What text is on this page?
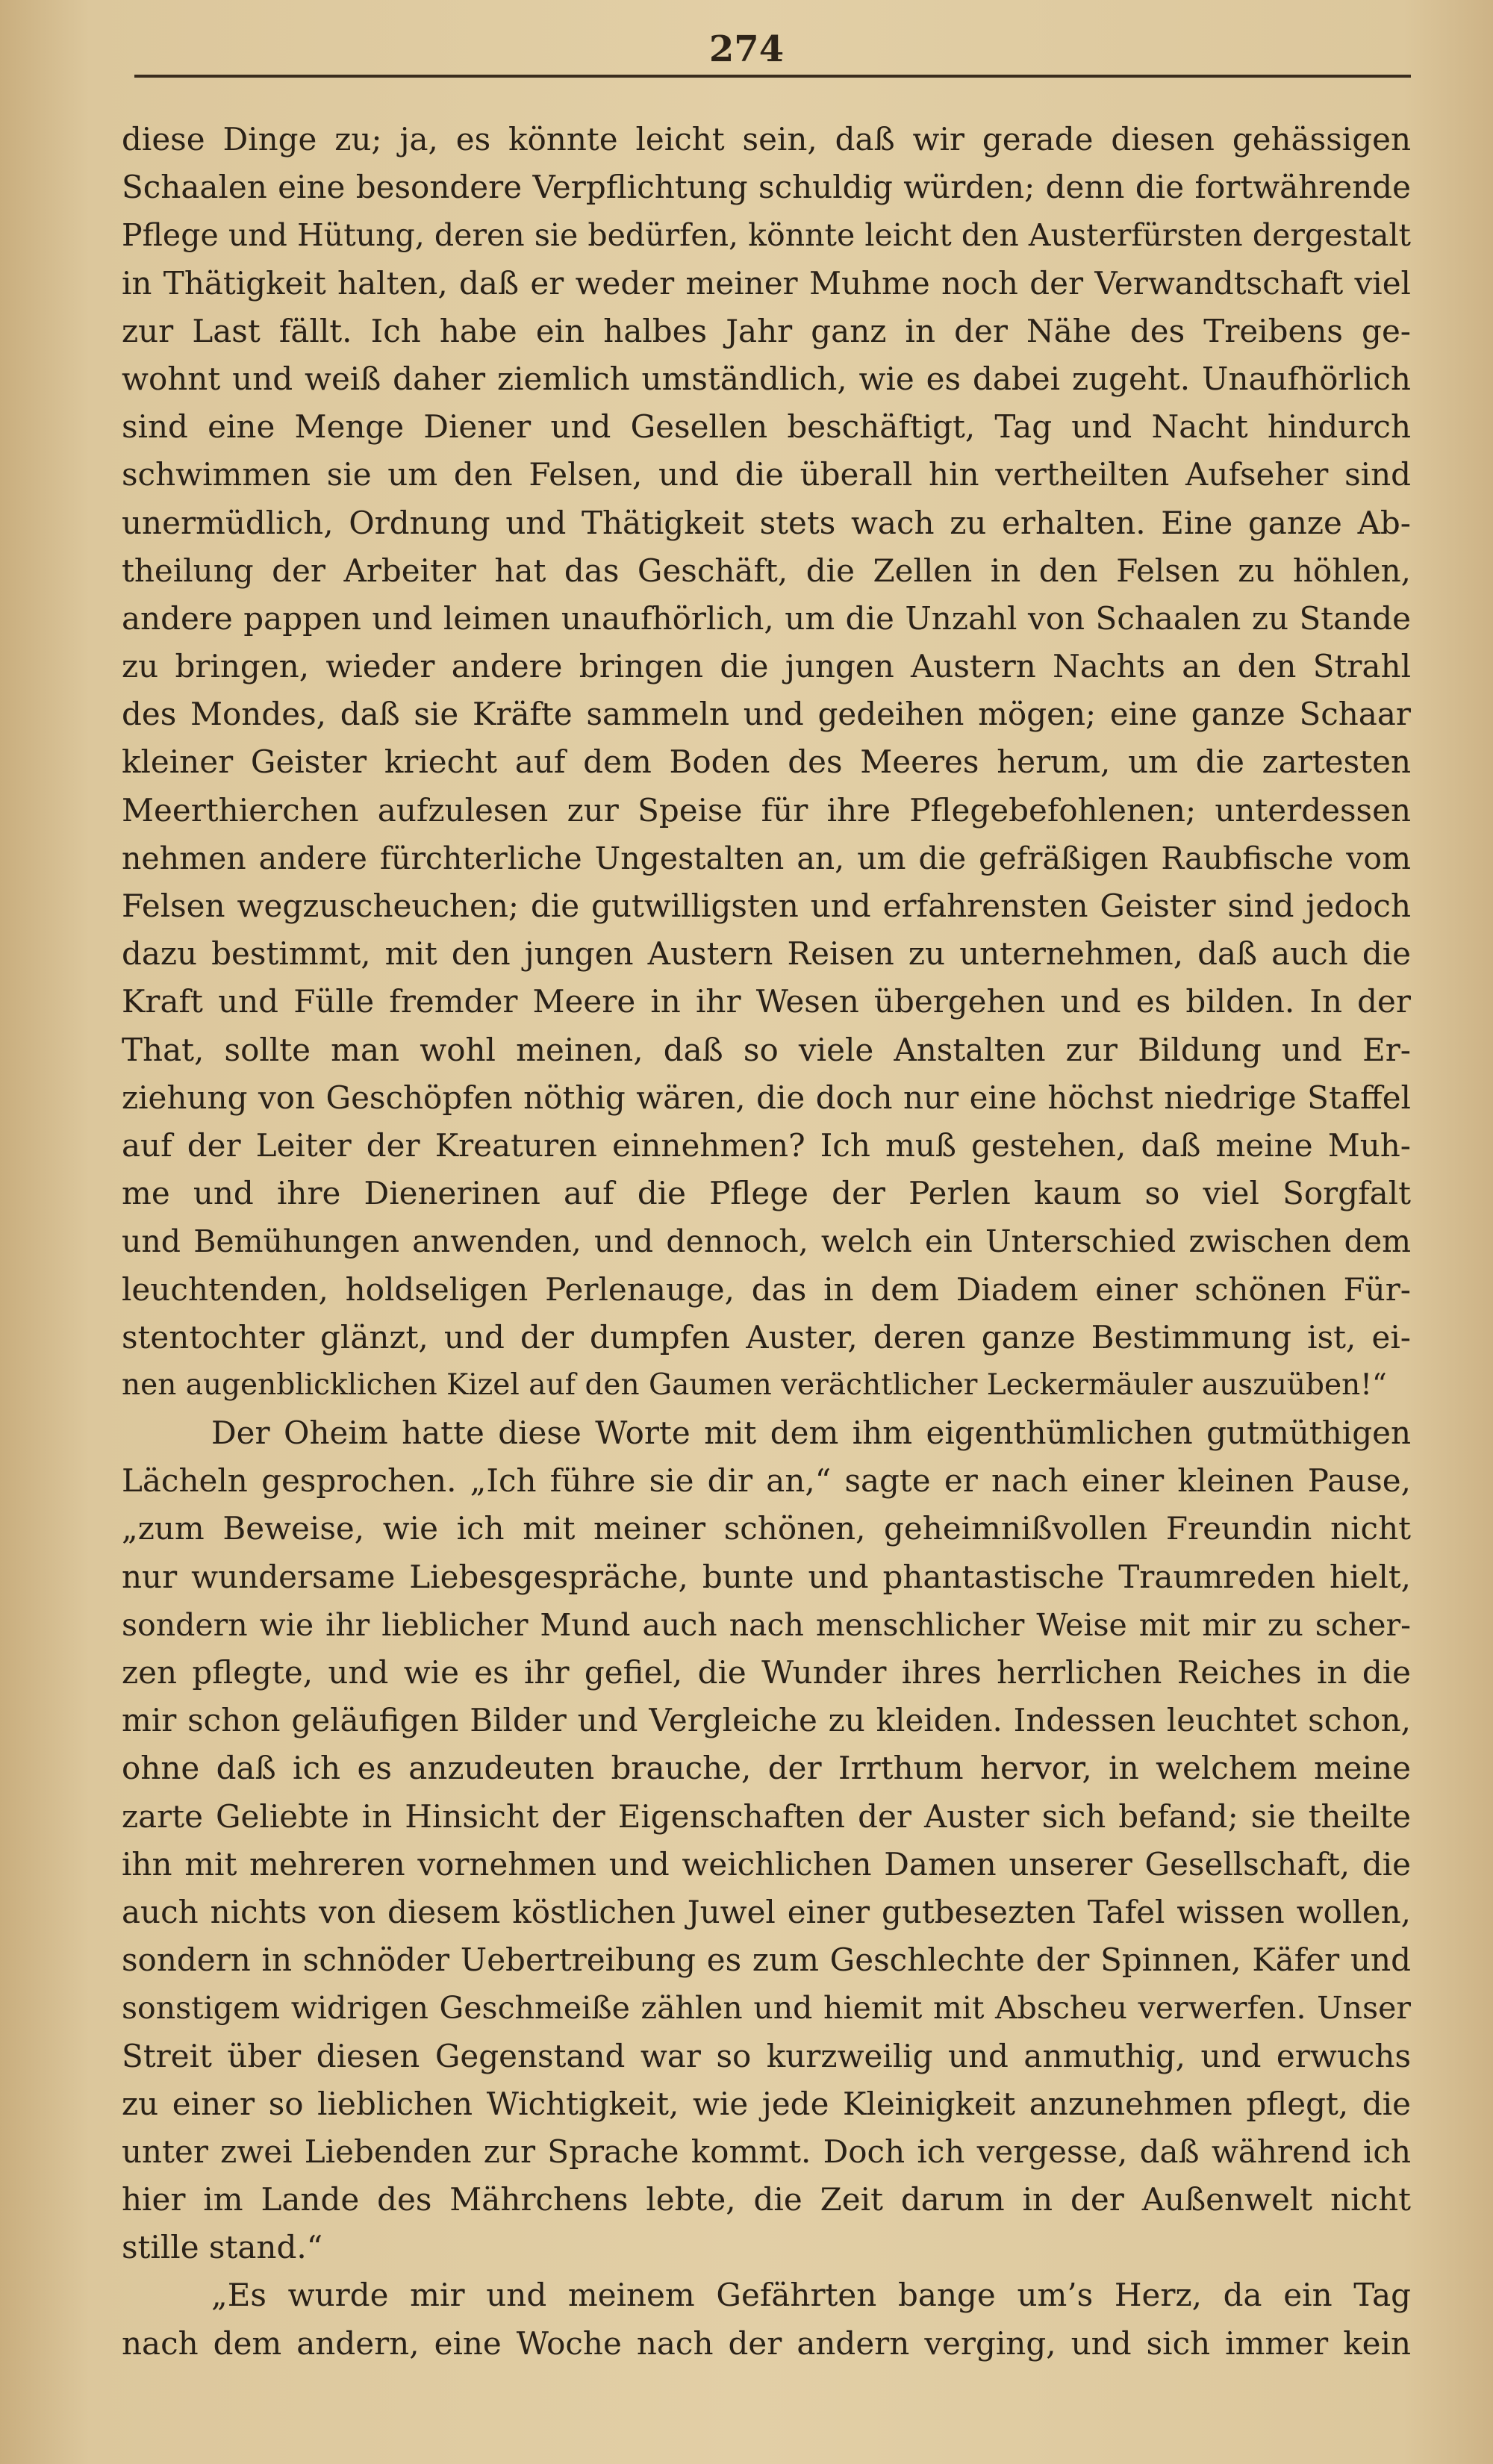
274
diese Dinge zu; ja, es könnte leicht sein, daß wir gerade diesen gehässigen
Schaalen eine besondere Verpflichtung schuldig würden; denn die fortwährende
Pflege und Hütung, deren sie bedürfen, könnte leicht den Austerfürsten dergestalt
in Thätigkeit halten, daß er weder meiner Muhme noch der Verwandtschaft viel
zur Last fällt. Ich habe ein halbes Jahr ganz in der Nähe des Treibens ge-
wohnt und weiß daher ziemlich umständlich, wie es dabei zugeht. Unaufhörlich
sind eine Menge Diener und Gesellen beschäftigt, Tag und Nacht hindurch
schwimmen sie um den Felsen, und die überall hin vertheilten Aufseher sind
unermüdlich, Ordnung und Thätigkeit stets wach zu erhalten. Eine ganze Ab-
theilung der Arbeiter hat das Geschäft, die Zellen in den Felsen zu höhlen,
andere pappen und leimen unaufhörlich, um die Unzahl von Schaalen zu Stande
zu bringen, wieder andere bringen die jungen Austern Nachts an den Strahl
des Mondes, daß sie Kräfte sammeln und gedeihen mögen; eine ganze Schaar
kleiner Geister kriecht auf dem Boden des Meeres herum, um die zartesten
Meerthierchen aufzulesen zur Speise für ihre Pflegebefohlenen; unterdessen
nehmen andere fürchterliche Ungestalten an, um die gefräßigen Raubfische vom
Felsen wegzuscheuchen; die gutwilligsten und erfahrensten Geister sind jedoch
dazu bestimmt, mit den jungen Austern Reisen zu unternehmen, daß auch die
Kraft und Fülle fremder Meere in ihr Wesen übergehen und es bilden. In der
That, sollte man wohl meinen, daß so viele Anstalten zur Bildung und Er-
ziehung von Geschöpfen nöthig wären, die doch nur eine höchst niedrige Staffel
auf der Leiter der Kreaturen einnehmen? Ich muß gestehen, daß meine Muh-
me und ihre Dienerinen auf die Pflege der Perlen kaum so viel Sorgfalt
und Bemühungen anwenden, und dennoch, welch ein Unterschied zwischen dem
leuchtenden, holdseligen Perlenauge, das in dem Diadem einer schönen Für-
stentochter glänzt, und der dumpfen Auster, deren ganze Bestimmung ist, ei-
nen augenblicklichen Kizel auf den Gaumen verächtlicher Leckermäuler auszuüben!“
Der Oheim hatte diese Worte mit dem ihm eigenthümlichen gutmüthigen
Lächeln gesprochen. „Ich führe sie dir an,“ sagte er nach einer kleinen Pause,
„zum Beweise, wie ich mit meiner schönen, geheimnißvollen Freundin nicht
nur wundersame Liebesgespräche, bunte und phantastische Traumreden hielt,
sondern wie ihr lieblicher Mund auch nach menschlicher Weise mit mir zu scher-
zen pflegte, und wie es ihr gefiel, die Wunder ihres herrlichen Reiches in die
mir schon geläufigen Bilder und Vergleiche zu kleiden. Indessen leuchtet schon,
ohne daß ich es anzudeuten brauche, der Irrthum hervor, in welchem meine
zarte Geliebte in Hinsicht der Eigenschaften der Auster sich befand; sie theilte
ihn mit mehreren vornehmen und weichlichen Damen unserer Gesellschaft, die
auch nichts von diesem köstlichen Juwel einer gutbesezten Tafel wissen wollen,
sondern in schnöder Uebertreibung es zum Geschlechte der Spinnen, Käfer und
sonstigem widrigen Geschmeiße zählen und hiemit mit Abscheu verwerfen. Unser
Streit über diesen Gegenstand war so kurzweilig und anmuthig, und erwuchs
zu einer so lieblichen Wichtigkeit, wie jede Kleinigkeit anzunehmen pflegt, die
unter zwei Liebenden zur Sprache kommt. Doch ich vergesse, daß während ich
hier im Lande des Mährchens lebte, die Zeit darum in der Außenwelt nicht
stille stand.“
„Es wurde mir und meinem Gefährten bange um’s Herz, da ein Tag
nach dem andern, eine Woche nach der andern verging, und sich immer kein
